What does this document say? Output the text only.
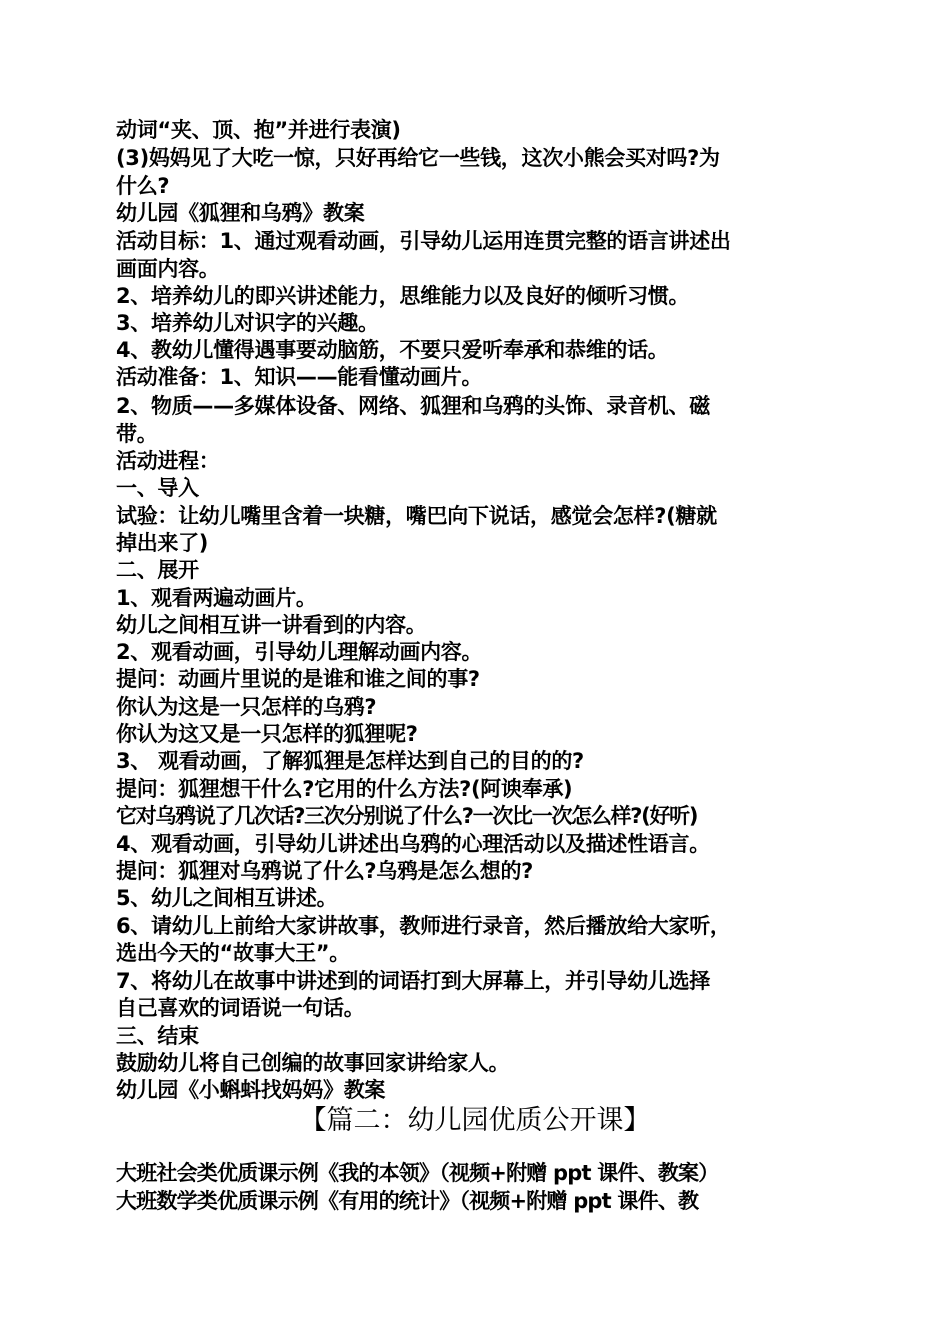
动词“夹、顶、抱”并进行表演)
(3)妈妈见了大吃一惊，只好再给它一些钱，这次小熊会买对吗?为
什么?
幼儿园《狐狸和乌鸦》教案
活动目标：1、通过观看动画，引导幼儿运用连贯完整的语言讲述出
画面内容。
2、培养幼儿的即兴讲述能力，思维能力以及良好的倾听习惯。
3、培养幼儿对识字的兴趣。
4、教幼儿懂得遇事要动脑筋，不要只爱听奉承和恭维的话。
活动准备：1、知识——能看懂动画片。
2、物质——多媒体设备、网络、狐狸和乌鸦的头饰、录音机、磁
带。
活动进程：
一、导入
试验：让幼儿嘴里含着一块糖，嘴巴向下说话，感觉会怎样?(糖就
掉出来了)
二、展开
1、观看两遍动画片。
幼儿之间相互讲一讲看到的内容。
2、观看动画，引导幼儿理解动画内容。
提问：动画片里说的是谁和谁之间的事?
你认为这是一只怎样的乌鸦?
你认为这又是一只怎样的狐狸呢?
3、 观看动画，了解狐狸是怎样达到自己的目的的?
提问：狐狸想干什么?它用的什么方法?(阿谀奉承)
它对乌鸦说了几次话?三次分别说了什么?一次比一次怎么样?(好听)
4、观看动画，引导幼儿讲述出乌鸦的心理活动以及描述性语言。
提问：狐狸对乌鸦说了什么?乌鸦是怎么想的?
5、幼儿之间相互讲述。
6、请幼儿上前给大家讲故事，教师进行录音，然后播放给大家听，
选出今天的“故事大王”。
7、将幼儿在故事中讲述到的词语打到大屏幕上，并引导幼儿选择
自己喜欢的词语说一句话。
三、结束
鼓励幼儿将自己创编的故事回家讲给家人。
幼儿园《小蝌蚪找妈妈》教案
【篇二：幼儿园优质公开课】
大班社会类优质课示例《我的本领》（视频+附赠 ppt 课件、教案）
大班数学类优质课示例《有用的统计》（视频+附赠 ppt 课件、教
